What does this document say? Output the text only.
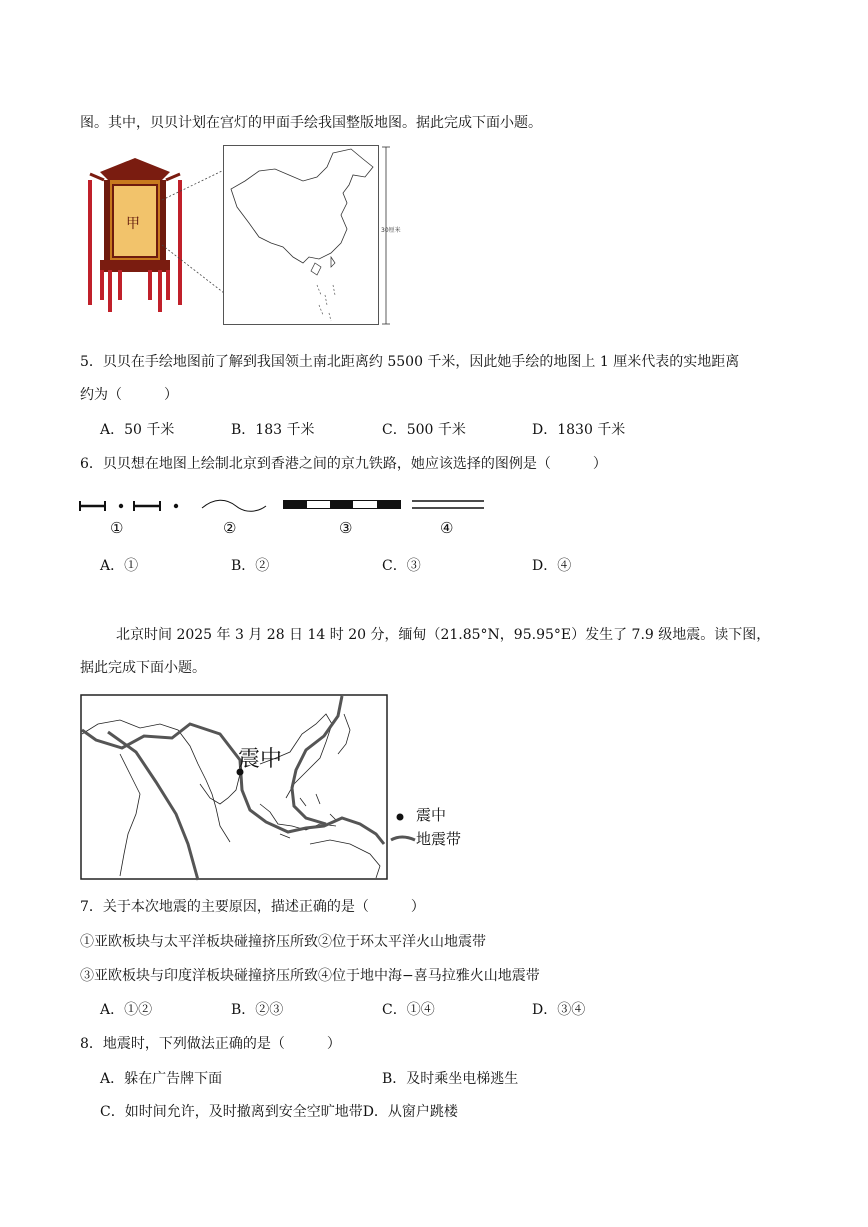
图。其中，贝贝计划在宫灯的甲面手绘我国整版地图。据此完成下面小题。
甲	30厘米
5．贝贝在手绘地图前了解到我国领土南北距离约 5500 千米，因此她手绘的地图上 1 厘米代表的实地距离
约为（　　　）
A．50 千米	B．183 千米	C．500 千米	D．1830 千米
6．贝贝想在地图上绘制北京到香港之间的京九铁路，她应该选择的图例是（　　　）
①	②	③	④
A．①	B．②	C．③	D．④
北京时间 2025 年 3 月 28 日 14 时 20 分，缅甸（21.85°N，95.95°E）发生了 7.9 级地震。读下图，
据此完成下面小题。
震中
震中
地震带
7．关于本次地震的主要原因，描述正确的是（　　　）
①亚欧板块与太平洋板块碰撞挤压所致②位于环太平洋火山地震带
③亚欧板块与印度洋板块碰撞挤压所致④位于地中海−喜马拉雅火山地震带
A．①②	B．②③	C．①④	D．③④
8．地震时，下列做法正确的是（　　　）
A．躲在广告牌下面	B．及时乘坐电梯逃生
C．如时间允许，及时撤离到安全空旷地带D．从窗户跳楼
